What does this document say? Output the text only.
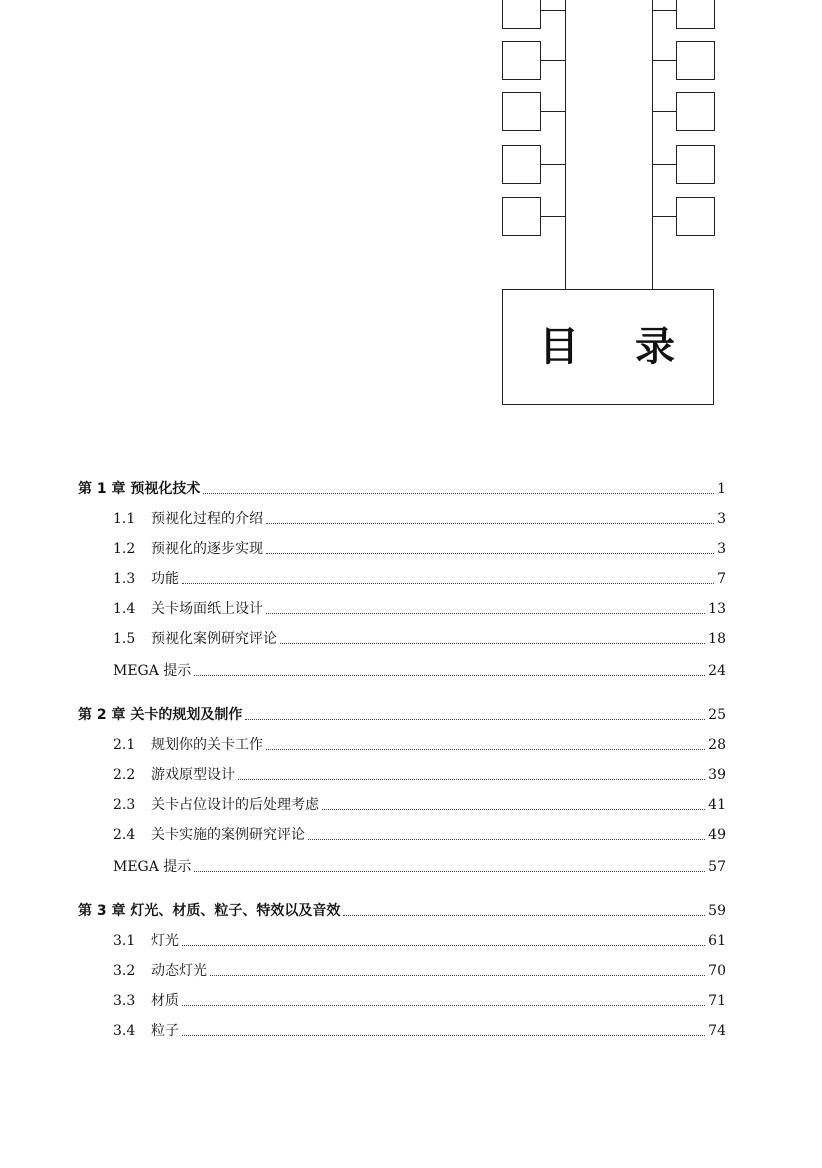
目 录
第 1 章 预视化技术	1
1.1	预视化过程的介绍	3
1.2	预视化的逐步实现	3
1.3	功能	7
1.4	关卡场面纸上设计	13
1.5	预视化案例研究评论	18
MEGA 提示	24
第 2 章 关卡的规划及制作	25
2.1	规划你的关卡工作	28
2.2	游戏原型设计	39
2.3	关卡占位设计的后处理考虑	41
2.4	关卡实施的案例研究评论	49
MEGA 提示	57
第 3 章 灯光、材质、粒子、特效以及音效	59
3.1	灯光	61
3.2	动态灯光	70
3.3	材质	71
3.4	粒子	74
